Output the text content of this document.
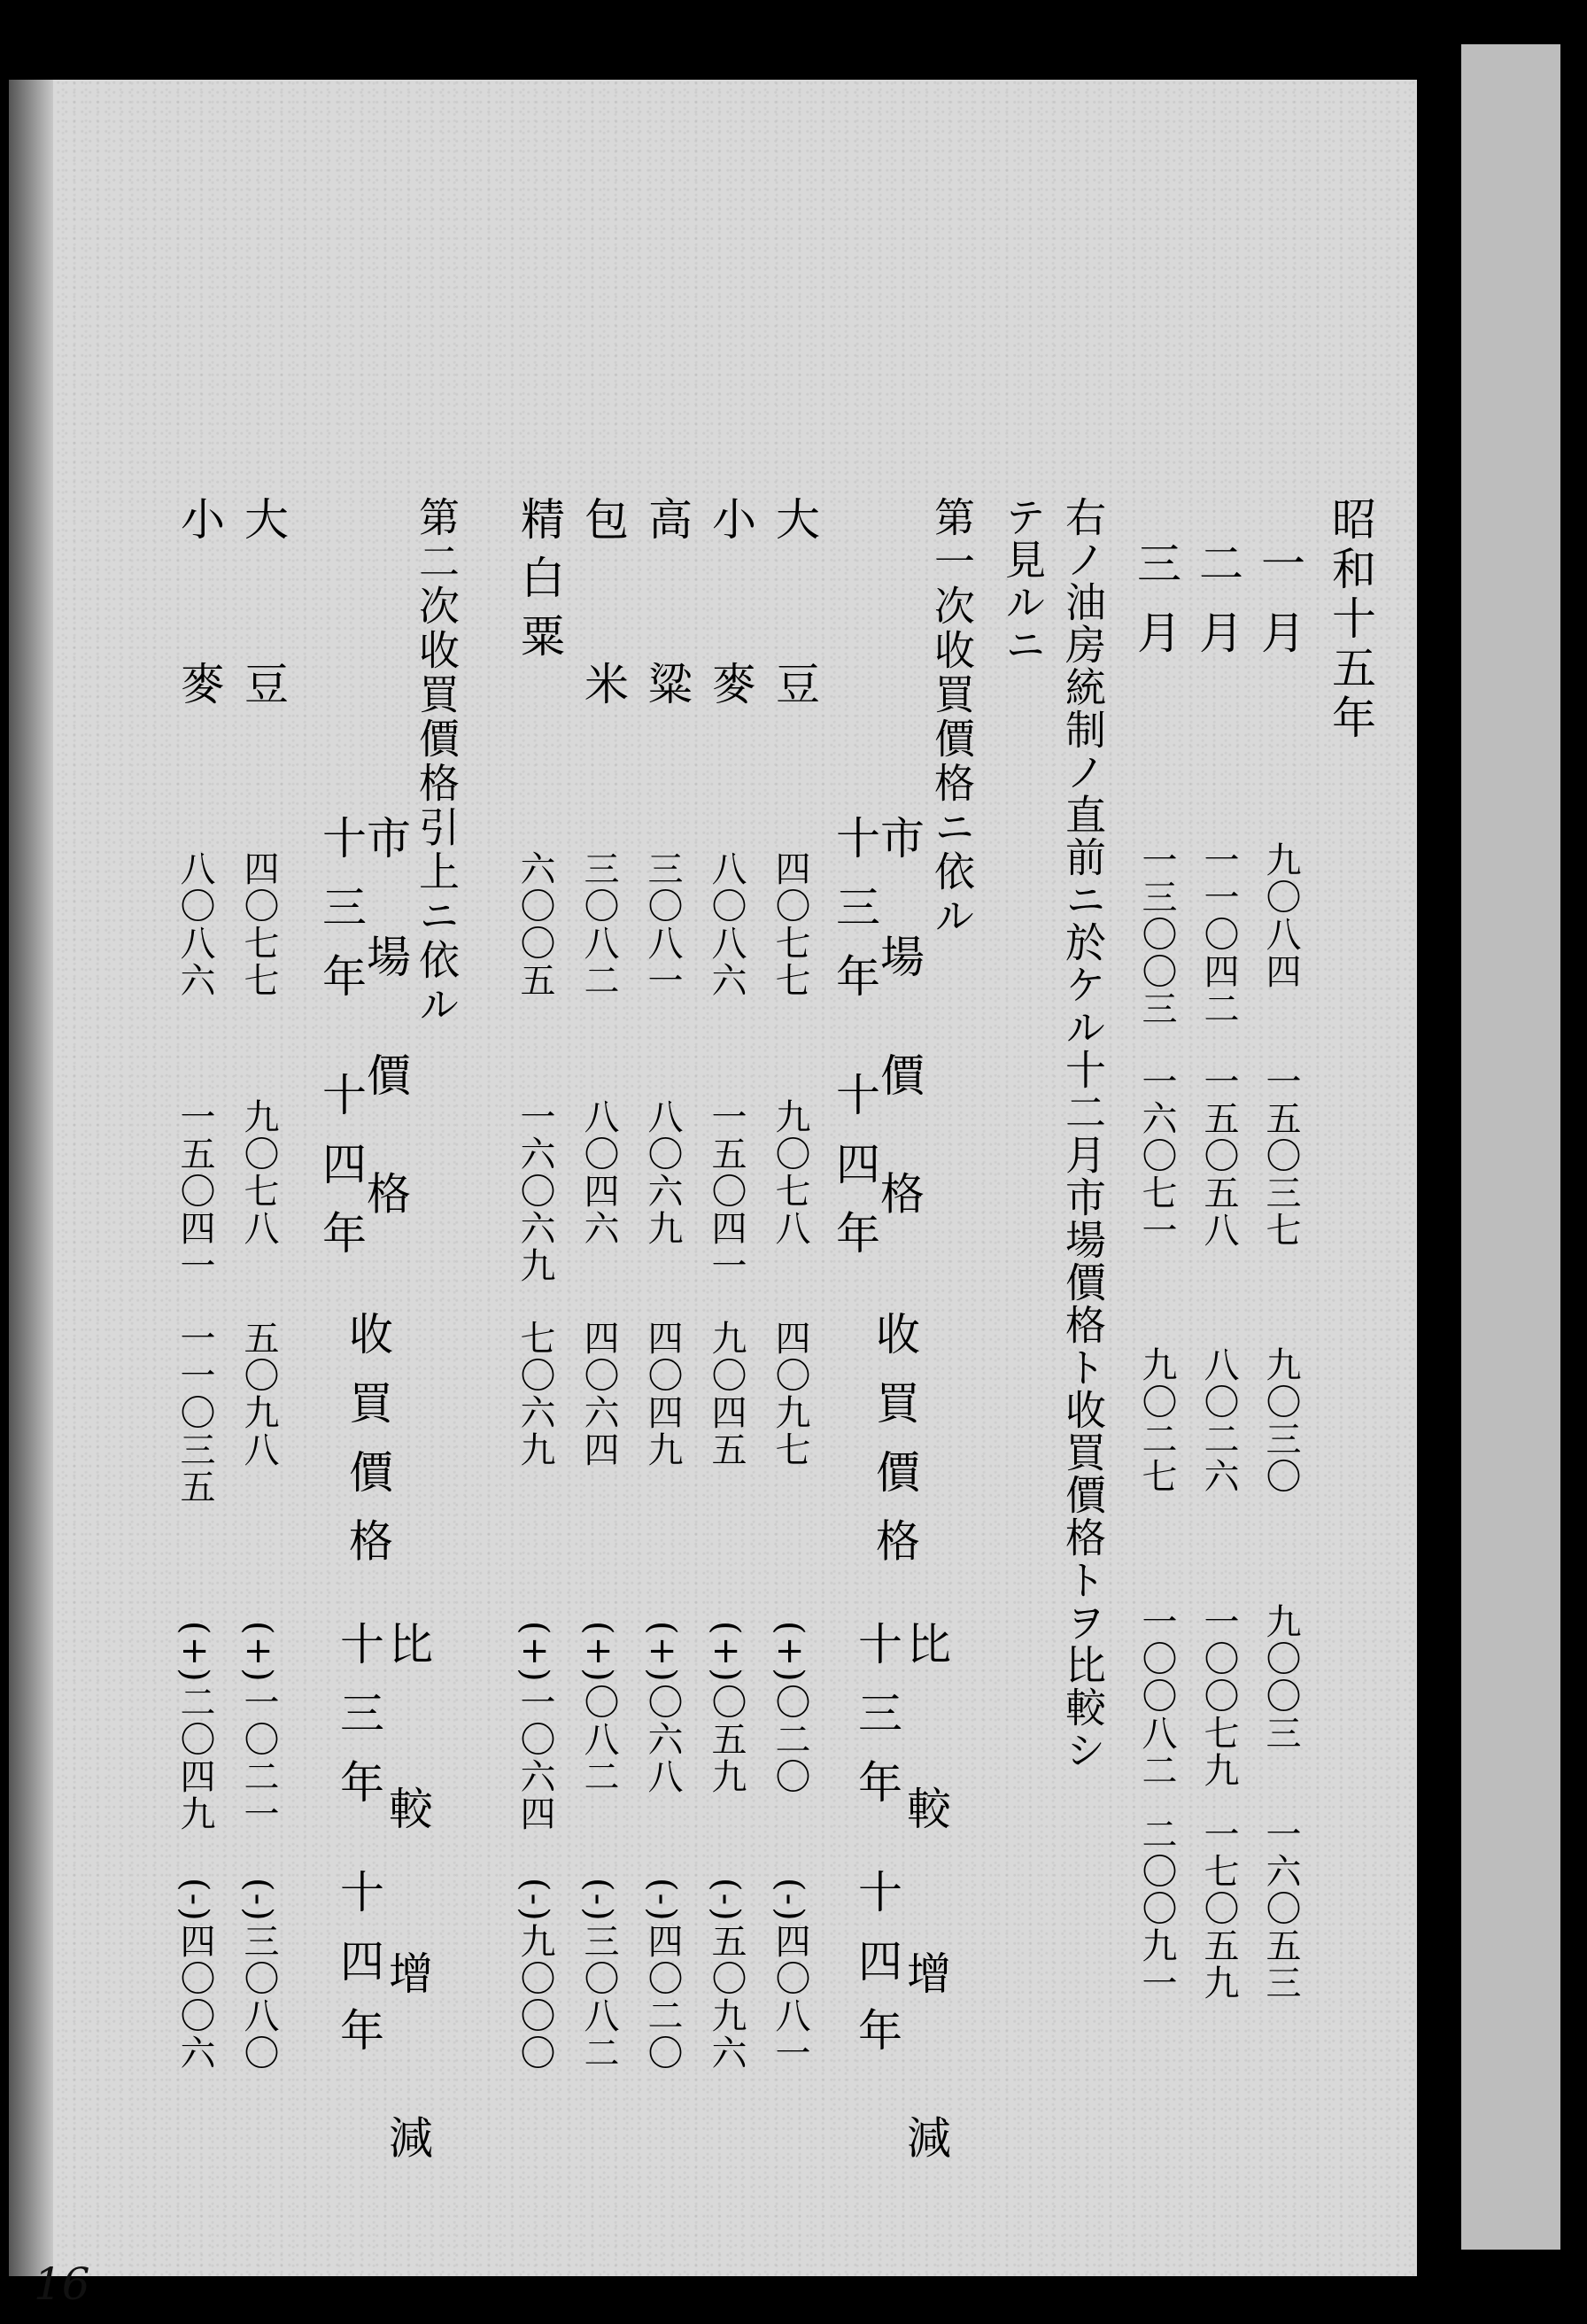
昭和十五年
一 月
九〇八四
一五〇三七
九〇三〇
九〇〇三
一六〇五三
二 月
一一〇四二
一五〇五八
八〇二六
一〇〇七九
一七〇五九
三 月
一三〇〇三
一六〇七一
九〇二七
一〇〇八二
二〇〇九一
右ノ油房統制ノ直前ニ於ケル十二月市場價格ト收買價格トヲ比較シ
テ見ルニ
第一次收買價格ニ依ル
市 場 價 格
十 三 年
十 四 年
收 買 價 格
比 較 增 減
十 三 年
十 四 年
大 豆
四〇七七
九〇七八
四〇九七
(+)〇二〇
(-)四〇八一
小 麥
八〇八六
一五〇四一
九〇四五
(+)〇五九
(-)五〇九六
高 粱
三〇八一
八〇六九
四〇四九
(+)〇六八
(-)四〇二〇
包 米
三〇八二
八〇四六
四〇六四
(+)〇八二
(-)三〇八二
精白粟
六〇〇五
一六〇六九
七〇六九
(+)一〇六四
(-)九〇〇〇
第二次收買價格引上ニ依ル
市 場 價 格
十 三 年
十 四 年
收 買 價 格
比 較 增 減
十 三 年
十 四 年
大 豆
四〇七七
九〇七八
五〇九八
(+)一〇二一
(-)三〇八〇
小 麥
八〇八六
一五〇四一
一一〇三五
(+)二〇四九
(-)四〇〇六
16
